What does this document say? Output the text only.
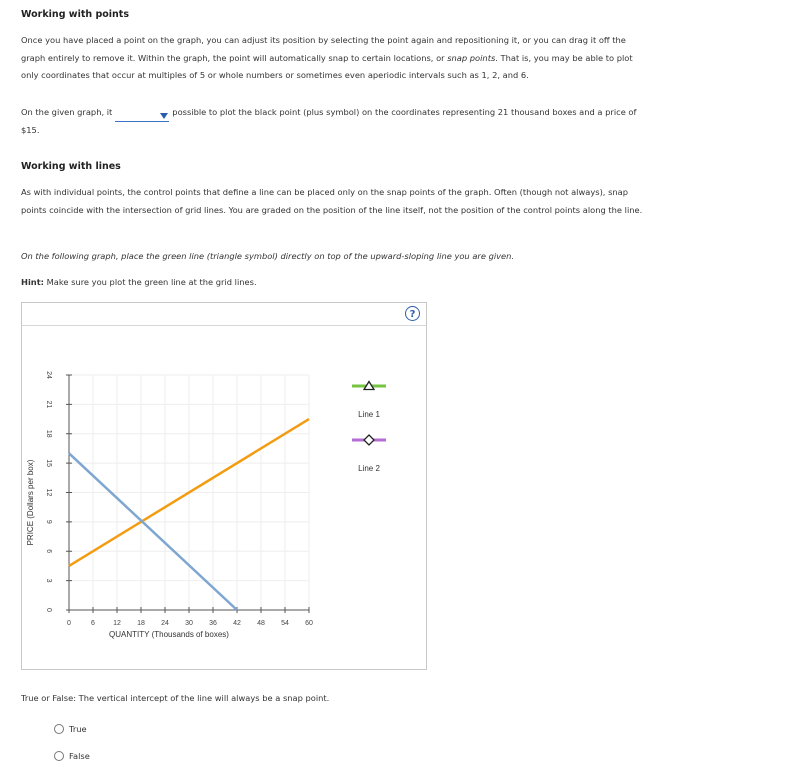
Working with points
Once you have placed a point on the graph, you can adjust its position by selecting the point again and repositioning it, or you can drag it off the
graph entirely to remove it. Within the graph, the point will automatically snap to certain locations, or snap points. That is, you may be able to plot
only coordinates that occur at multiples of 5 or whole numbers or sometimes even aperiodic intervals such as 1, 2, and 6.
On the given graph, it	possible to plot the black point (plus symbol) on the coordinates representing 21 thousand boxes and a price of
$15.
Working with lines
As with individual points, the control points that define a line can be placed only on the snap points of the graph. Often (though not always), snap
points coincide with the intersection of grid lines. You are graded on the position of the line itself, not the position of the control points along the line.
On the following graph, place the green line (triangle symbol) directly on top of the upward-sloping line you are given.
Hint: Make sure you plot the green line at the grid lines.
?
0	6	12 18 24 30 36 42 48 54 60
0
3
6
9
12
15
18
21
24
QUANTITY (Thousands of boxes)
PRICE (Dollars per box)
Line 1
Line 2
True or False: The vertical intercept of the line will always be a snap point.
True
False
